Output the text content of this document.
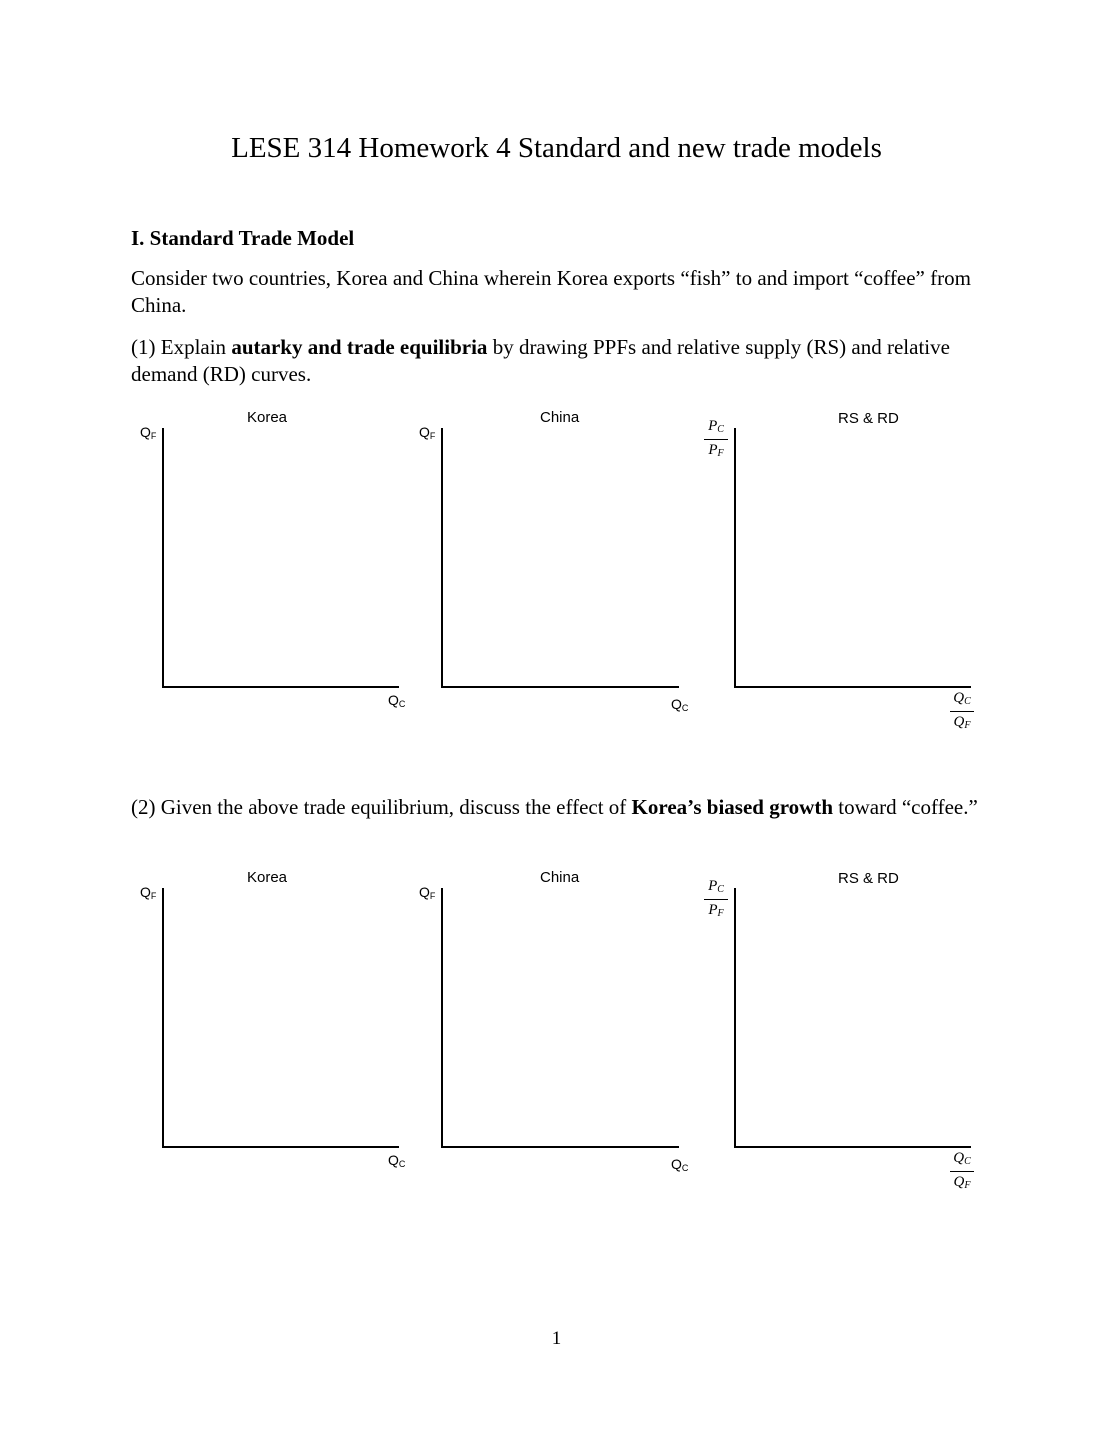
LESE 314 Homework 4 Standard and new trade models
I. Standard Trade Model
Consider two countries, Korea and China wherein Korea exports “fish” to and import “coffee” from China.
(1) Explain autarky and trade equilibria by drawing PPFs and relative supply (RS) and relative demand (RD) curves.
Korea
$Q_F$
$Q_C$
China
$Q_F$
$Q_C$
RS & RD
$\frac{P_C}{P_F}$
$\frac{Q_C}{Q_F}$
(2) Given the above trade equilibrium, discuss the effect of Korea’s biased growth toward “coffee.”
Korea
$Q_F$
$Q_C$
China
$Q_F$
$Q_C$
RS & RD
$\frac{P_C}{P_F}$
$\frac{Q_C}{Q_F}$
1
